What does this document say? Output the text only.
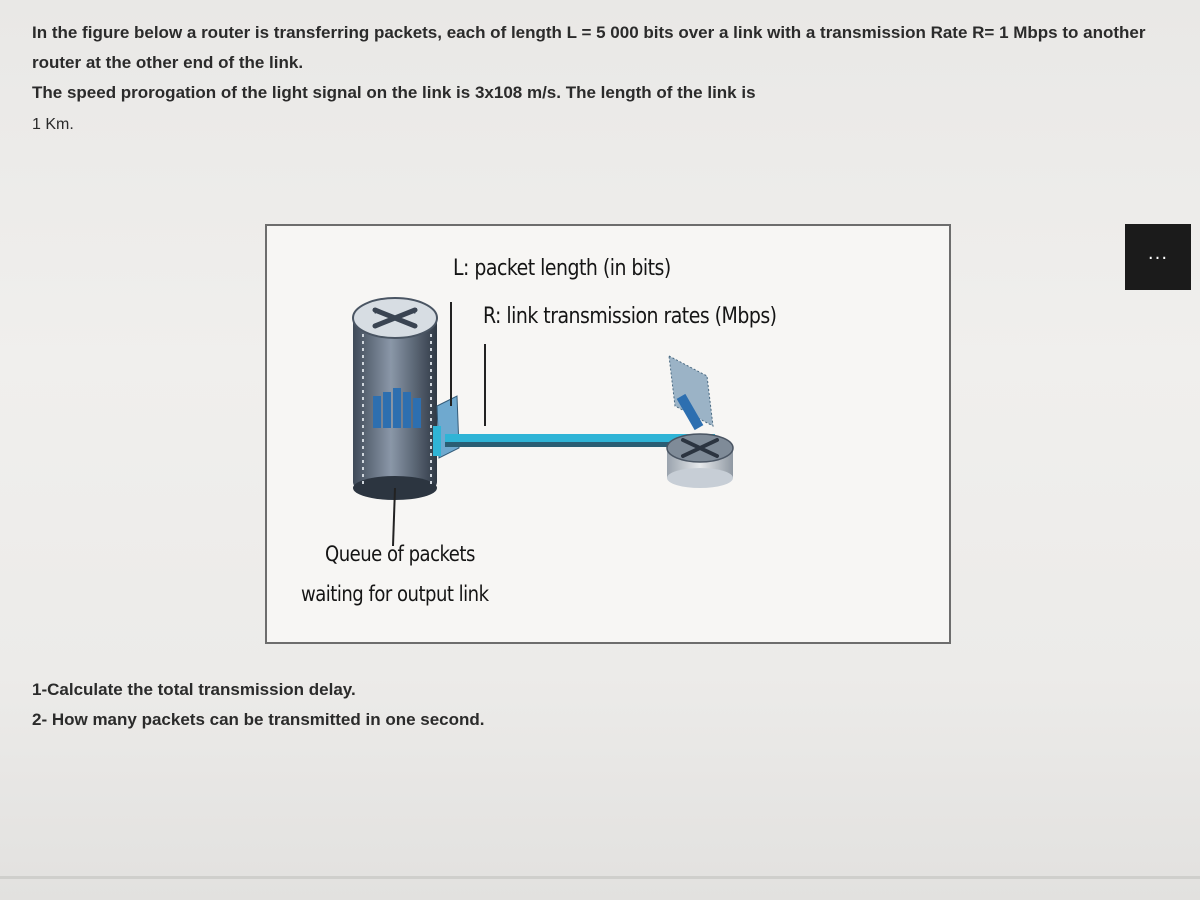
In the figure below a router is transferring packets, each of length L = 5 000 bits over a link with a transmission Rate R= 1 Mbps to another router at the other end of the link.
The speed prorogation of the light signal on the link is 3x108 m/s. The length of the link is
1 Km.
L: packet length (in bits)
R: link transmission rates (Mbps)
Queue of packets
waiting for output link
...
1-Calculate the total transmission delay.
2- How many packets can be transmitted in one second.
